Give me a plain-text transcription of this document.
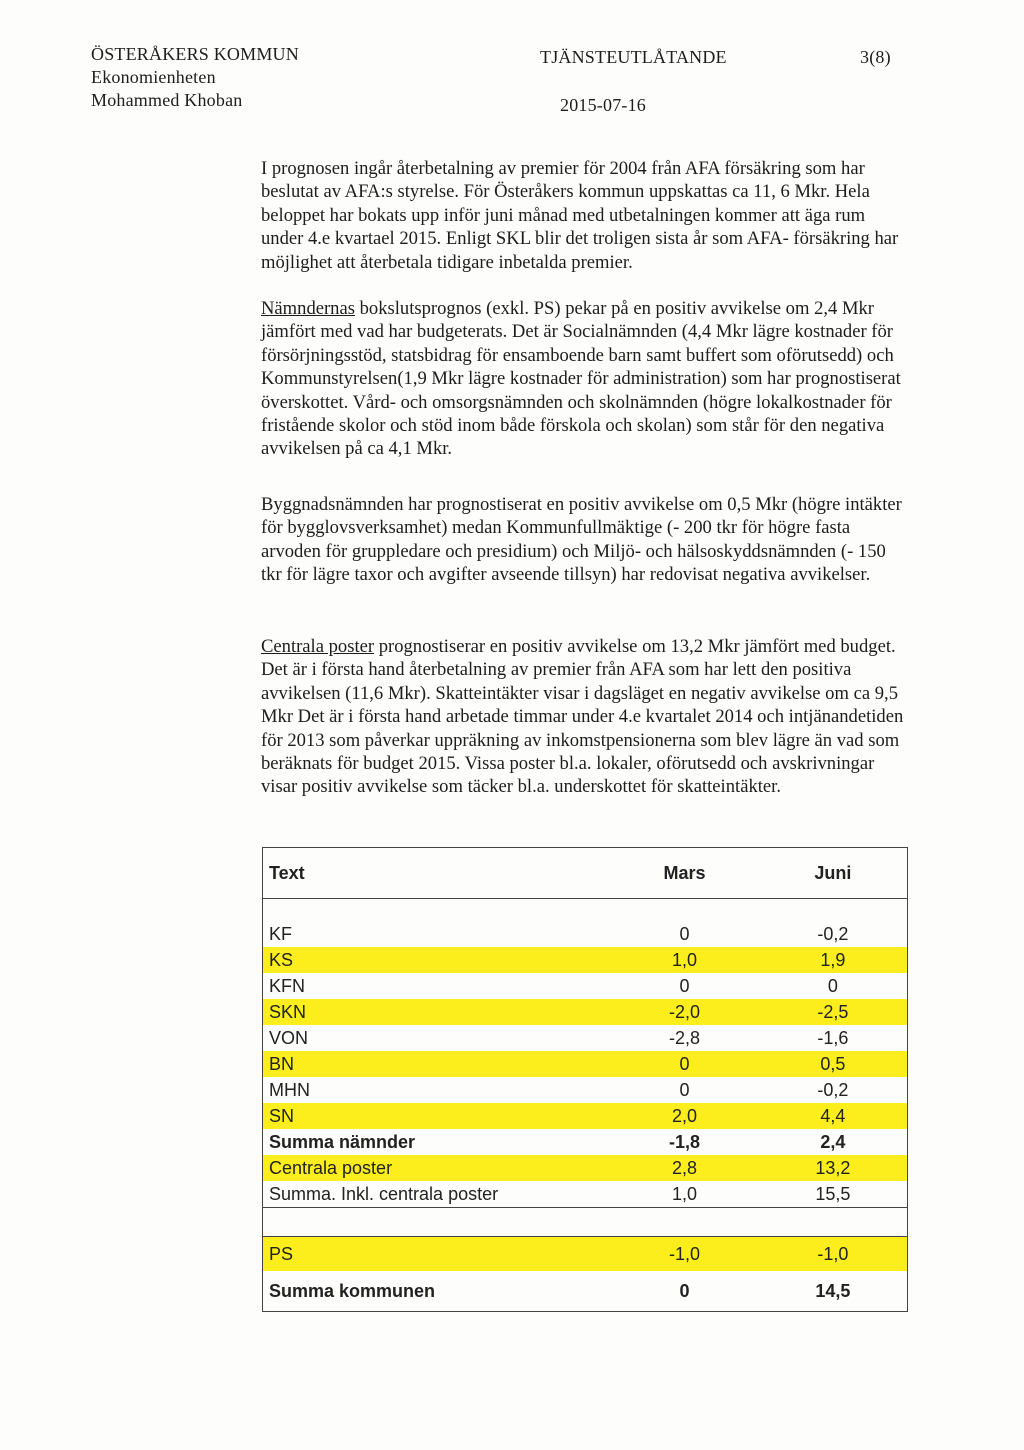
ÖSTERÅKERS KOMMUN
Ekonomienheten
Mohammed Khoban
TJÄNSTEUTLÅTANDE
2015-07-16
3(8)

I prognosen ingår återbetalning av premier för 2004 från AFA försäkring som har beslutat av AFA:s styrelse. För Österåkers kommun uppskattas ca 11, 6 Mkr. Hela beloppet har bokats upp inför juni månad med utbetalningen kommer att äga rum under 4.e kvartael 2015. Enligt SKL blir det troligen sista år som AFA- försäkring har möjlighet att återbetala tidigare inbetalda premier.

Nämndernas bokslutsprognos (exkl. PS) pekar på en positiv avvikelse om 2,4 Mkr jämfört med vad har budgeterats. Det är Socialnämnden (4,4 Mkr lägre kostnader för försörjningsstöd, statsbidrag för ensamboende barn samt buffert som oförutsedd) och Kommunstyrelsen(1,9 Mkr lägre kostnader för administration) som har prognostiserat överskottet. Vård- och omsorgsnämnden och skolnämnden (högre lokalkostnader för fristående skolor och stöd inom både förskola och skolan) som står för den negativa avvikelsen på ca 4,1 Mkr.

Byggnadsnämnden har prognostiserat en positiv avvikelse om 0,5 Mkr (högre intäkter för bygglovsverksamhet) medan Kommunfullmäktige (- 200 tkr för högre fasta arvoden för gruppledare och presidium) och Miljö- och hälsoskyddsnämnden (- 150 tkr för lägre taxor och avgifter avseende tillsyn) har redovisat negativa avvikelser.

Centrala poster prognostiserar en positiv avvikelse om 13,2 Mkr jämfört med budget. Det är i första hand återbetalning av premier från AFA som har lett den positiva avvikelsen (11,6 Mkr). Skatteintäkter visar i dagsläget en negativ avvikelse om ca 9,5 Mkr Det är i första hand arbetade timmar under 4.e kvartalet 2014 och intjänandetiden för 2013 som påverkar uppräkning av inkomstpensionerna som blev lägre än vad som beräknats för budget 2015. Vissa poster bl.a. lokaler, oförutsedd och avskrivningar visar positiv avvikelse som täcker bl.a. underskottet för skatteintäkter.

Text	Mars	Juni

KF	0	-0,2
KS	1,0	1,9
KFN	0	0
SKN	-2,0	-2,5
VON	-2,8	-1,6
BN	0	0,5
MHN	0	-0,2
SN	2,0	4,4
Summa nämnder	-1,8	2,4
Centrala poster	2,8	13,2
Summa. Inkl. centrala poster	1,0	15,5

PS	-1,0	-1,0
Summa kommunen	0	14,5
